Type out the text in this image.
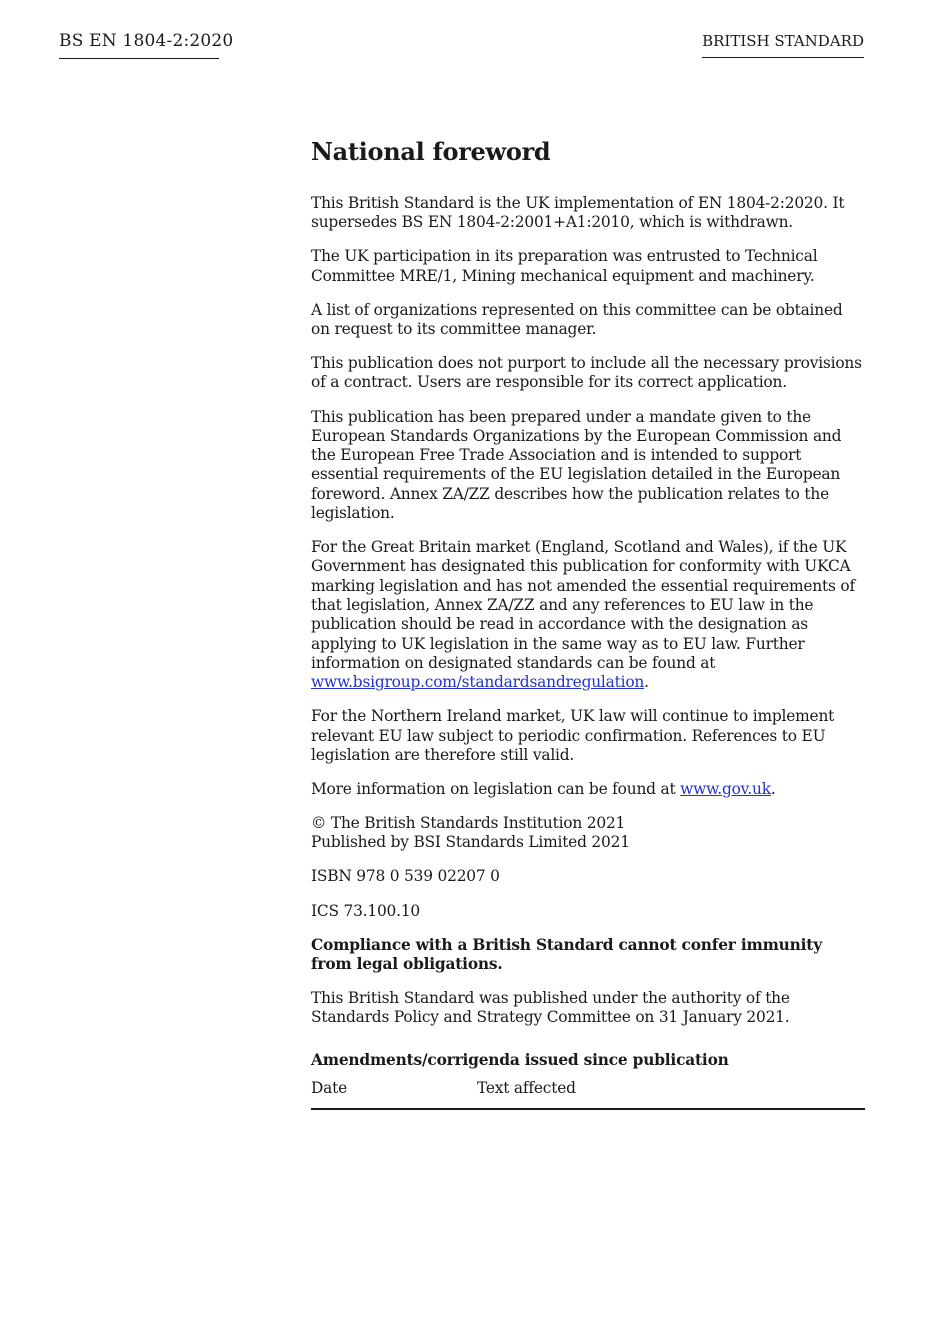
BS EN 1804-2:2020	BRITISH STANDARD
National foreword

This British Standard is the UK implementation of EN 1804-2:2020. It supersedes BS EN 1804-2:2001+A1:2010, which is withdrawn.

The UK participation in its preparation was entrusted to Technical Committee MRE/1, Mining mechanical equipment and machinery.

A list of organizations represented on this committee can be obtained on request to its committee manager.

This publication does not purport to include all the necessary provisions of a contract. Users are responsible for its correct application.

This publication has been prepared under a mandate given to the European Standards Organizations by the European Commission and the European Free Trade Association and is intended to support essential requirements of the EU legislation detailed in the European foreword. Annex ZA/ZZ describes how the publication relates to the legislation.

For the Great Britain market (England, Scotland and Wales), if the UK Government has designated this publication for conformity with UKCA marking legislation and has not amended the essential requirements of that legislation, Annex ZA/ZZ and any references to EU law in the publication should be read in accordance with the designation as applying to UK legislation in the same way as to EU law. Further information on designated standards can be found at www.bsigroup.com/standardsandregulation.

For the Northern Ireland market, UK law will continue to implement relevant EU law subject to periodic confirmation. References to EU legislation are therefore still valid.

More information on legislation can be found at www.gov.uk.

© The British Standards Institution 2021
Published by BSI Standards Limited 2021

ISBN 978 0 539 02207 0

ICS 73.100.10

Compliance with a British Standard cannot confer immunity from legal obligations.

This British Standard was published under the authority of the Standards Policy and Strategy Committee on 31 January 2021.

Amendments/corrigenda issued since publication
Date	Text affected
